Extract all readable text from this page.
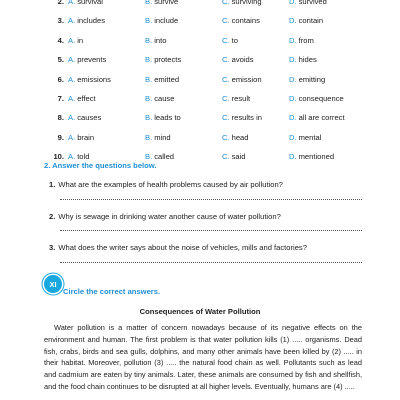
2. A. survival	B. survive	C. surviving	D. survived
3. A. includes	B. include	C. contains	D. contain
4. A. in	B. into	C. to	D. from
5. A. prevents	B. protects	C. avoids	D. hides
6. A. emissions	B. emitted	C. emission	D. emitting
7. A. effect	B. cause	C. result	D. consequence
8. A. causes	B. leads to	C. results in	D. all are correct
9. A. brain	B. mind	C. head	D. mental
10. A. told	B. called	C. said	D. mentioned
2. Answer the questions below.
1. What are the examples of health problems caused by air pollution?
2. Why is sewage in drinking water another cause of water pollution?
3. What does the writer says about the noise of vehicles, mills and factories?
XI
Circle the correct answers.
Consequences of Water Pollution
Water pollution is a matter of concern nowadays because of its negative effects on the environment and human. The first problem is that water pollution kills (1) ..... organisms. Dead fish, crabs, birds and sea gulls, dolphins, and many other animals have been killed by (2) ..... in their habitat. Moreover, pollution (3) ..... the natural food chain as well. Pollutants such as lead and cadmium are eaten by tiny animals. Later, these animals are consumed by fish and shellfish, and the food chain continues to be disrupted at all higher levels. Eventually, humans are (4) .....
